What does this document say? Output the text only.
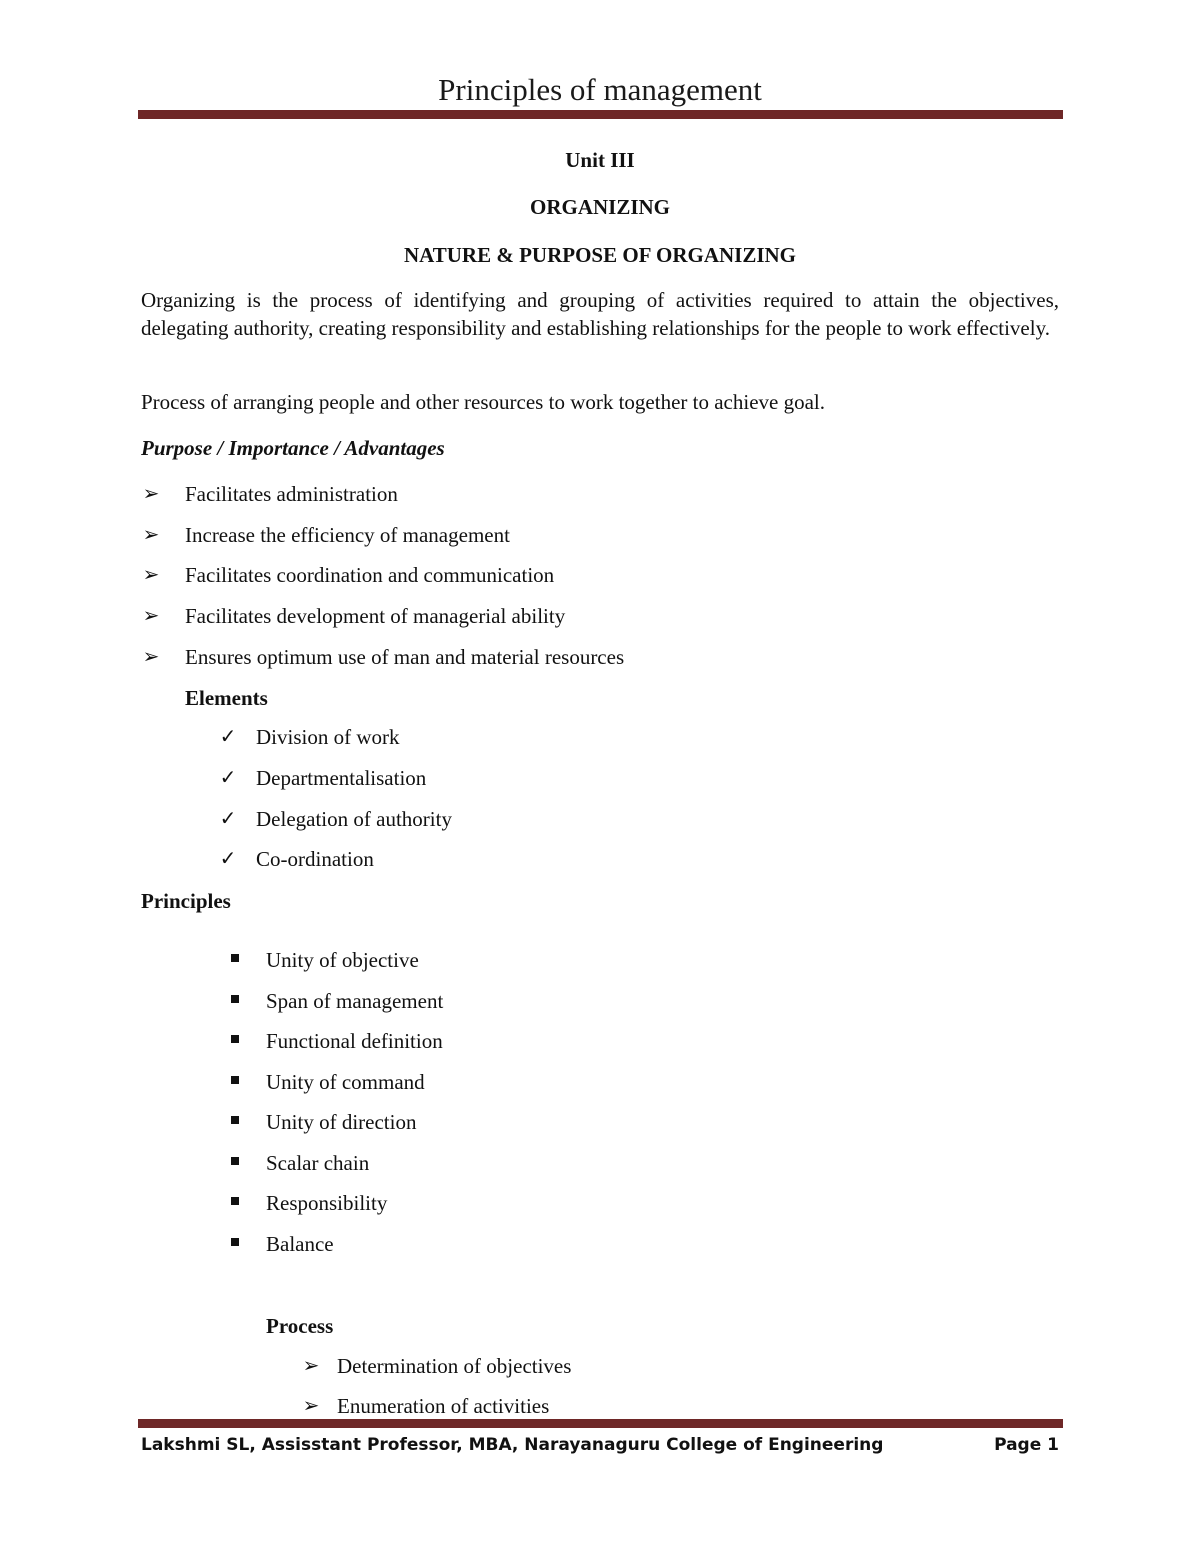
Principles of management
Unit III
ORGANIZING
NATURE & PURPOSE OF ORGANIZING
Organizing is the process of identifying and grouping of activities required to attain the objectives, delegating authority, creating responsibility and establishing relationships for the people to work effectively.
Process of arranging people and other resources to work together to achieve goal.
Purpose / Importance / Advantages
➢ Facilitates administration
➢ Increase the efficiency of management
➢ Facilitates coordination and communication
➢ Facilitates development of managerial ability
➢ Ensures optimum use of man and material resources
Elements
✓ Division of work
✓ Departmentalisation
✓ Delegation of authority
✓ Co-ordination
Principles
Unity of objective
Span of management
Functional definition
Unity of command
Unity of direction
Scalar chain
Responsibility
Balance
Process
➢ Determination of objectives
➢ Enumeration of activities
Lakshmi SL, Assisstant Professor, MBA, Narayanaguru College of Engineering	Page 1
